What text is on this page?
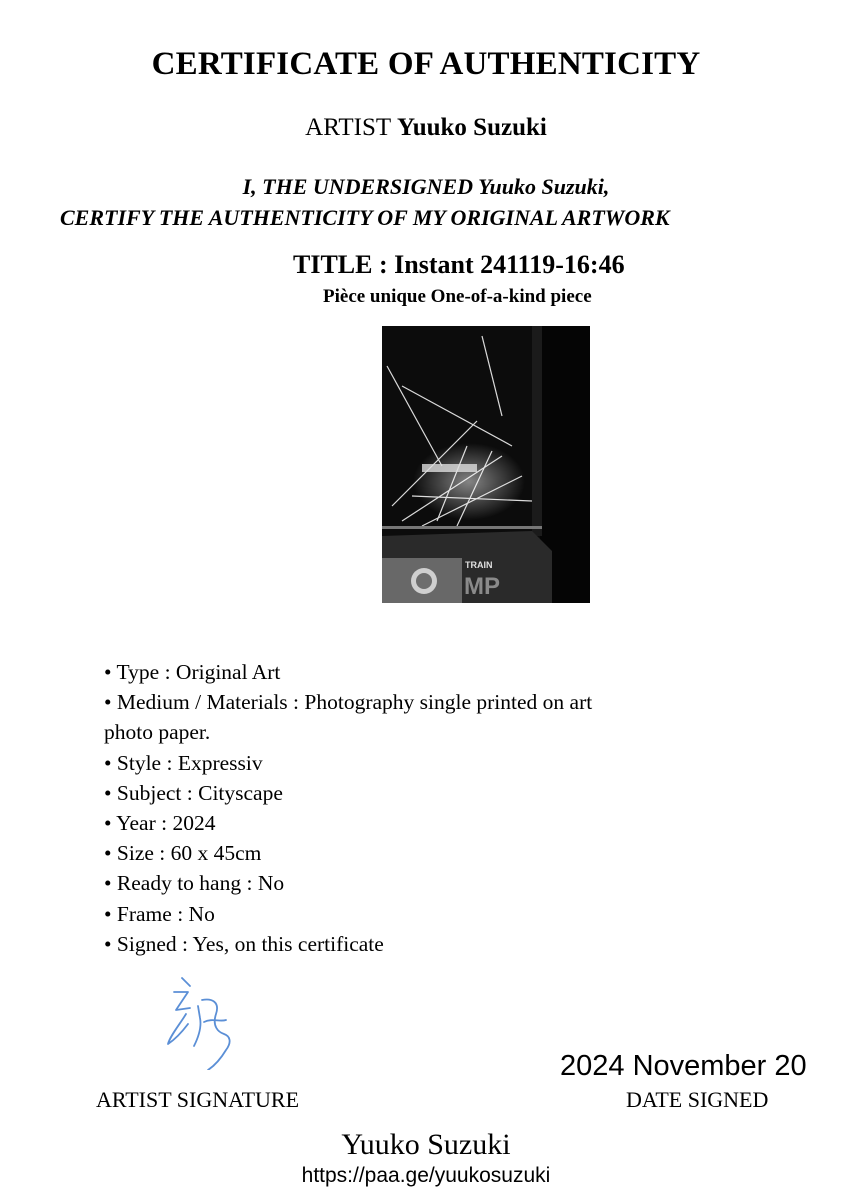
CERTIFICATE OF AUTHENTICITY
ARTIST Yuuko Suzuki
I, THE UNDERSIGNED Yuuko Suzuki,
CERTIFY THE AUTHENTICITY OF MY ORIGINAL ARTWORK
TITLE : Instant 241119-16:46
Pièce unique One-of-a-kind piece
TRAIN
MP
• Type : Original Art
• Medium / Materials : Photography single printed on art
photo paper.
• Style : Expressiv
• Subject : Cityscape
• Year : 2024
• Size : 60 x 45cm
• Ready to hang : No
• Frame : No
• Signed : Yes, on this certificate
2024 November 20
ARTIST SIGNATURE	DATE SIGNED
Yuuko Suzuki
https://paa.ge/yuukosuzuki
